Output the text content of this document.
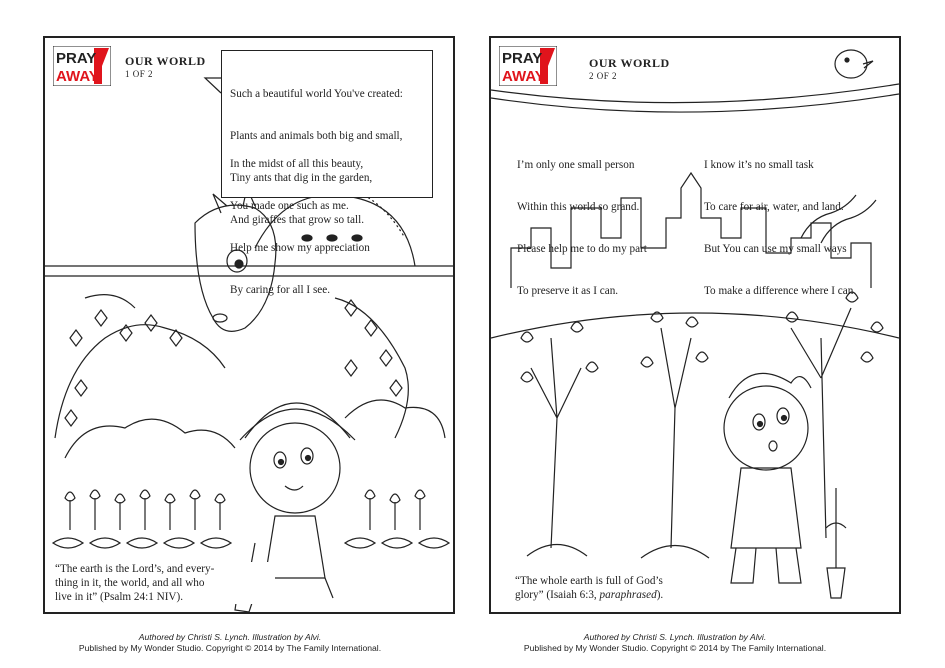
PRAY
AWAY
OUR WORLD
1 OF 2

Such a beautiful world You've created:

Plants and animals both big and small,

Tiny ants that dig in the garden,

And giraffes that grow so tall.

In the midst of all this beauty,

You made one such as me.

Help me show my appreciation

By caring for all I see.

“The earth is the Lord’s, and every-
thing in it, the world, and all who
live in it” (Psalm 24:1 NIV).
PRAY
AWAY
OUR WORLD
2 OF 2

I’m only one small person

Within this world so grand.

Please help me to do my part

To preserve it as I can.

I know it’s no small task

To care for air, water, and land.

But You can use my small ways

To make a difference where I can.

“The whole earth is full of God’s
glory” (Isaiah 6:3, paraphrased).
Authored by Christi S. Lynch. Illustration by Alvi.
Published by My Wonder Studio. Copyright © 2014 by The Family International.
Authored by Christi S. Lynch. Illustration by Alvi.
Published by My Wonder Studio. Copyright © 2014 by The Family International.
